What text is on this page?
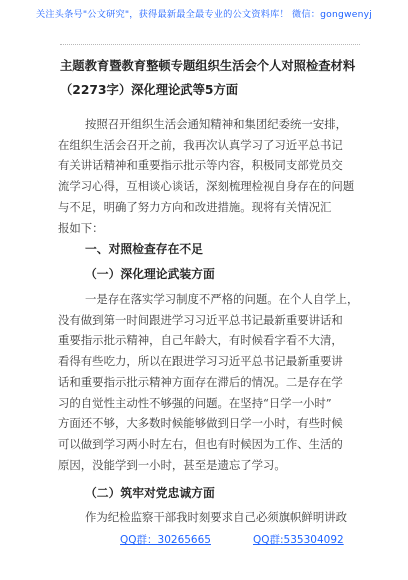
关注头条号"公文研究"，获得最新最全最专业的公文资料库！ 微信：gongwenyj
主题教育暨教育整顿专题组织生活会个人对照检查材料
（2273字）深化理论武等5方面
按照召开组织生活会通知精神和集团纪委统一安排，
在组织生活会召开之前，我再次认真学习了习近平总书记
有关讲话精神和重要指示批示等内容，积极同支部党员交
流学习心得，互相谈心谈话，深刻梳理检视自身存在的问题
与不足，明确了努力方向和改进措施。现将有关情况汇
报如下：
一、对照检查存在不足
（一）深化理论武装方面
一是存在落实学习制度不严格的问题。在个人自学上，
没有做到第一时间跟进学习习近平总书记最新重要讲话和
重要指示批示精神，自己年龄大，有时候看字看不大清，
看得有些吃力，所以在跟进学习习近平总书记最新重要讲
话和重要指示批示精神方面存在滞后的情况。二是存在学
习的自觉性主动性不够强的问题。在坚持“日学一小时”
方面还不够，大多数时候能够做到日学一小时，有些时候
可以做到学习两小时左右，但也有时候因为工作、生活的
原因，没能学到一小时，甚至是遗忘了学习。
（二）筑牢对党忠诚方面
作为纪检监察干部我时刻要求自己必须旗帜鲜明讲政
QQ群：30265665	QQ群:535304092
